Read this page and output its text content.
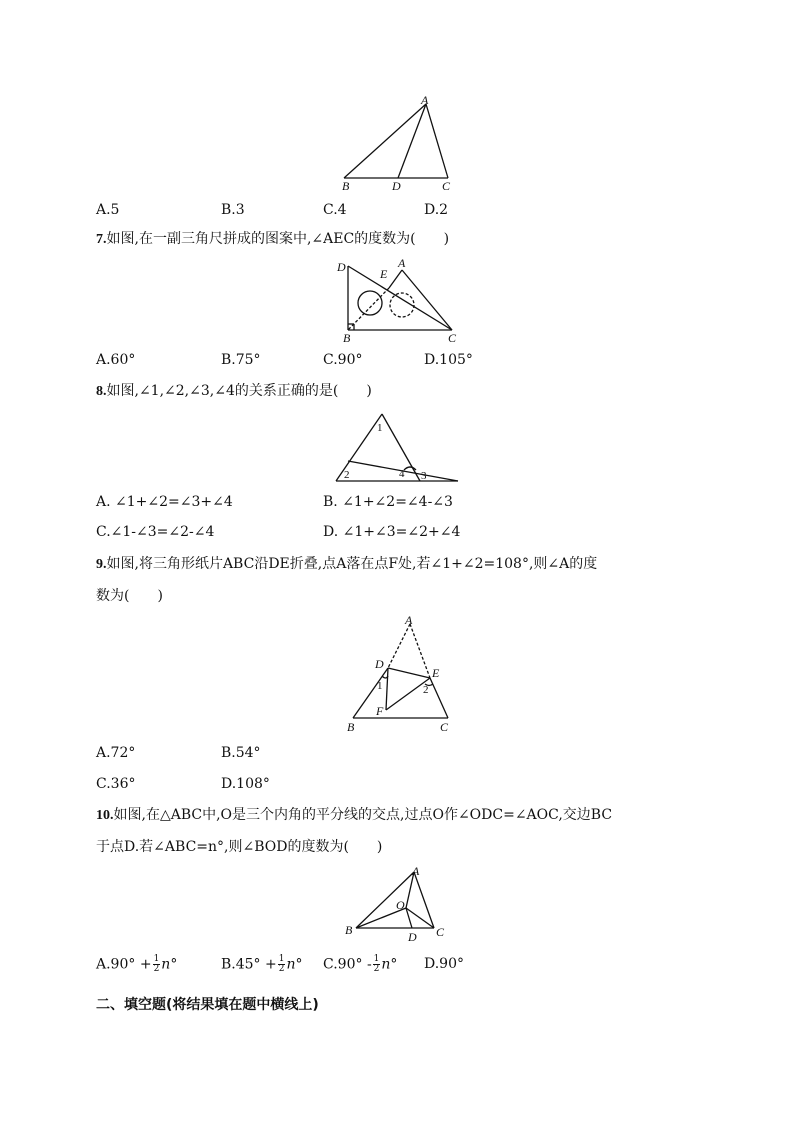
A
B	D	C
A.5	B.3	C.4	D.2
7.如图,在一副三角尺拼成的图案中,∠AEC的度数为(　　)
D	E
A
B	C
A.60°	B.75°	C.90°	D.105°
8.如图,∠1,∠2,∠3,∠4的关系正确的是(　　)
1
2	4 3
A. ∠1+∠2=∠3+∠4	B. ∠1+∠2=∠4-∠3
C.∠1-∠3=∠2-∠4	D. ∠1+∠3=∠2+∠4
9.如图,将三角形纸片ABC沿DE折叠,点A落在点F处,若∠1+∠2=108°,则∠A的度
数为(　　)
A
D
E
1	2
F
B	C
A.72°	B.54°
C.36°	D.108°
10.如图,在△ABC中,O是三个内角的平分线的交点,过点O作∠ODC=∠AOC,交边BC
于点D.若∠ABC=n°,则∠BOD的度数为(　　)
A
O
B	D C
$A.90^\circ + \frac{1}{2} n^\circ$	$B.45^\circ + \frac{1}{2} n^\circ$ $C.90^\circ - \frac{1}{2} n^\circ$ D.90°
二、填空题(将结果填在题中横线上)
